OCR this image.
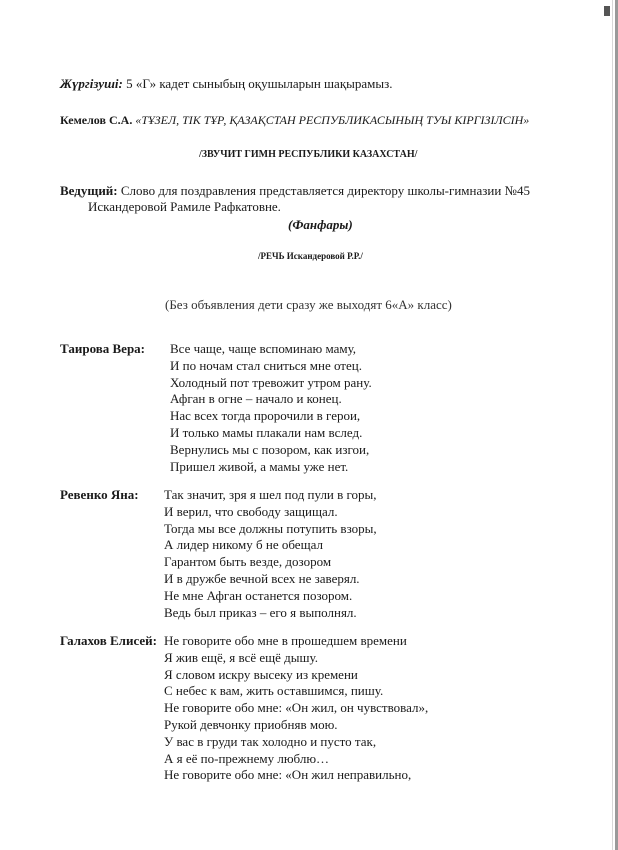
Жүргізуші: 5 «Г» кадет сыныбың оқушыларын шақырамыз.
Кемелов С.А. «ТҰЗЕЛ, ТІК ТҰР, ҚАЗАҚСТАН РЕСПУБЛИКАСЫНЫҢ ТУЫ КІРГІЗІЛСІН»
/ЗВУЧИТ ГИМН РЕСПУБЛИКИ КАЗАХСТАН/
Ведущий: Слово для поздравления представляется директору школы-гимназии №45
Искандеровой Рамиле Рафкатовне.
(Фанфары)
/РЕЧЬ Искандеровой Р.Р./
(Без объявления дети сразу же выходят 6«А» класс)
Таирова Вера: Все чаще, чаще вспоминаю маму,
И по ночам стал сниться мне отец.
Холодный пот тревожит утром рану.
Афган в огне – начало и конец.
Нас всех тогда пророчили в герои,
И только мамы плакали нам вслед.
Вернулись мы с позором, как изгои,
Пришел живой, а мамы уже нет.
Ревенко Яна: Так значит, зря я шел под пули в горы,
И верил, что свободу защищал.
Тогда мы все должны потупить взоры,
А лидер никому б не обещал
Гарантом быть везде, дозором
И в дружбе вечной всех не заверял.
Не мне Афган останется позором.
Ведь был приказ – его я выполнял.
Галахов Елисей: Не говорите обо мне в прошедшем времени
Я жив ещё, я всё ещё дышу.
Я словом искру высеку из кремени
С небес к вам, жить оставшимся, пишу.
Не говорите обо мне: «Он жил, он чувствовал»,
Рукой девчонку приобняв мою.
У вас в груди так холодно и пусто так,
А я её по-прежнему люблю…
Не говорите обо мне: «Он жил неправильно,
